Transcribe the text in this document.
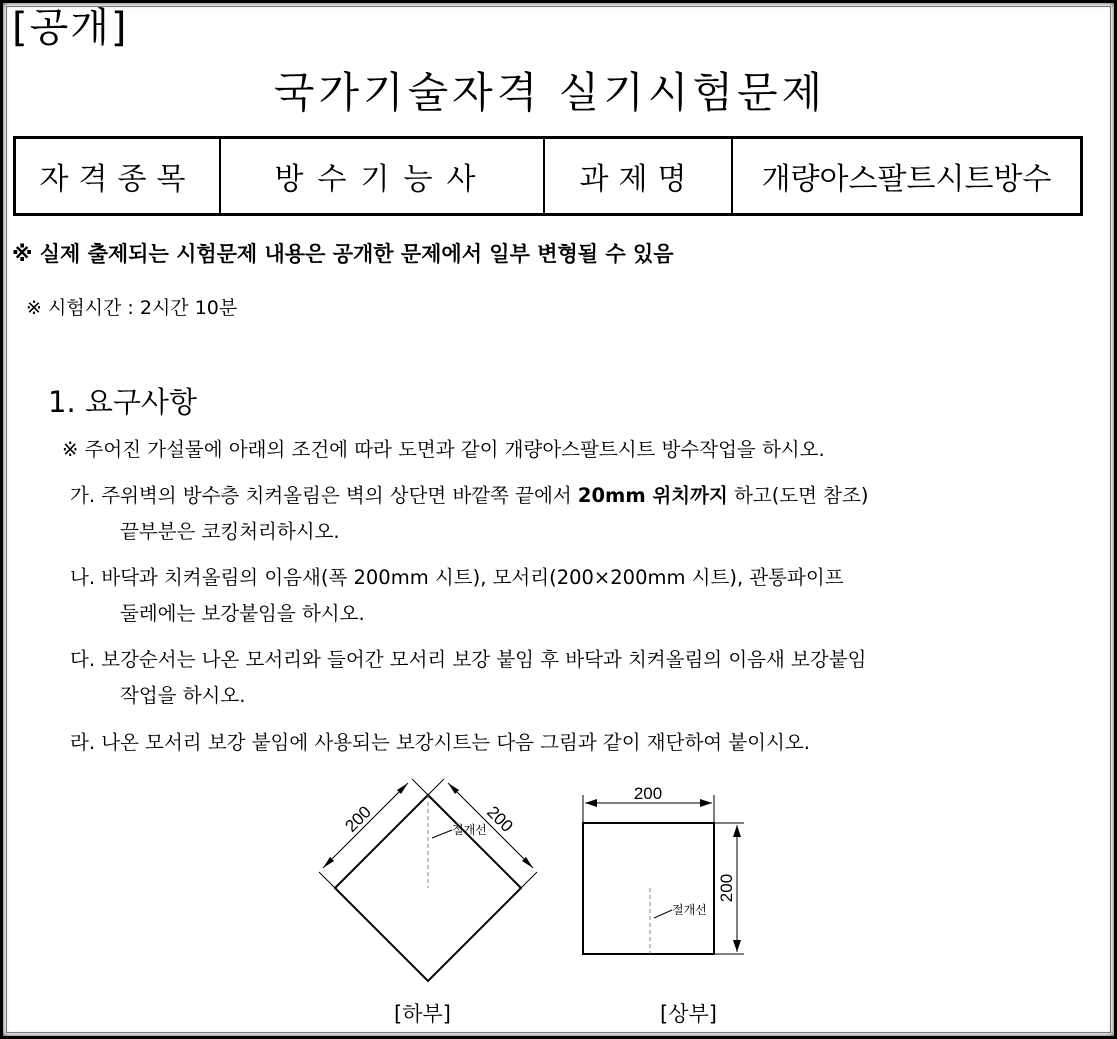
[공개]
국가기술자격 실기시험문제
자격종목	방수기능사	과제명	개량아스팔트시트방수
※ 실제 출제되는 시험문제 내용은 공개한 문제에서 일부 변형될 수 있음
※ 시험시간 : 2시간 10분
1. 요구사항
※ 주어진 가설물에 아래의 조건에 따라 도면과 같이 개량아스팔트시트 방수작업을 하시오.
가. 주위벽의 방수층 치켜올림은 벽의 상단면 바깥쪽 끝에서 20mm 위치까지 하고(도면 참조)
끝부분은 코킹처리하시오.
나. 바닥과 치켜올림의 이음새(폭 200mm 시트), 모서리(200×200mm 시트), 관통파이프
둘레에는 보강붙임을 하시오.
다. 보강순서는 나온 모서리와 들어간 모서리 보강 붙임 후 바닥과 치켜올림의 이음새 보강붙임
작업을 하시오.
라. 나온 모서리 보강 붙임에 사용되는 보강시트는 다음 그림과 같이 재단하여 붙이시오.
200	200
절개선
200
200
절개선
[하부]	[상부]
